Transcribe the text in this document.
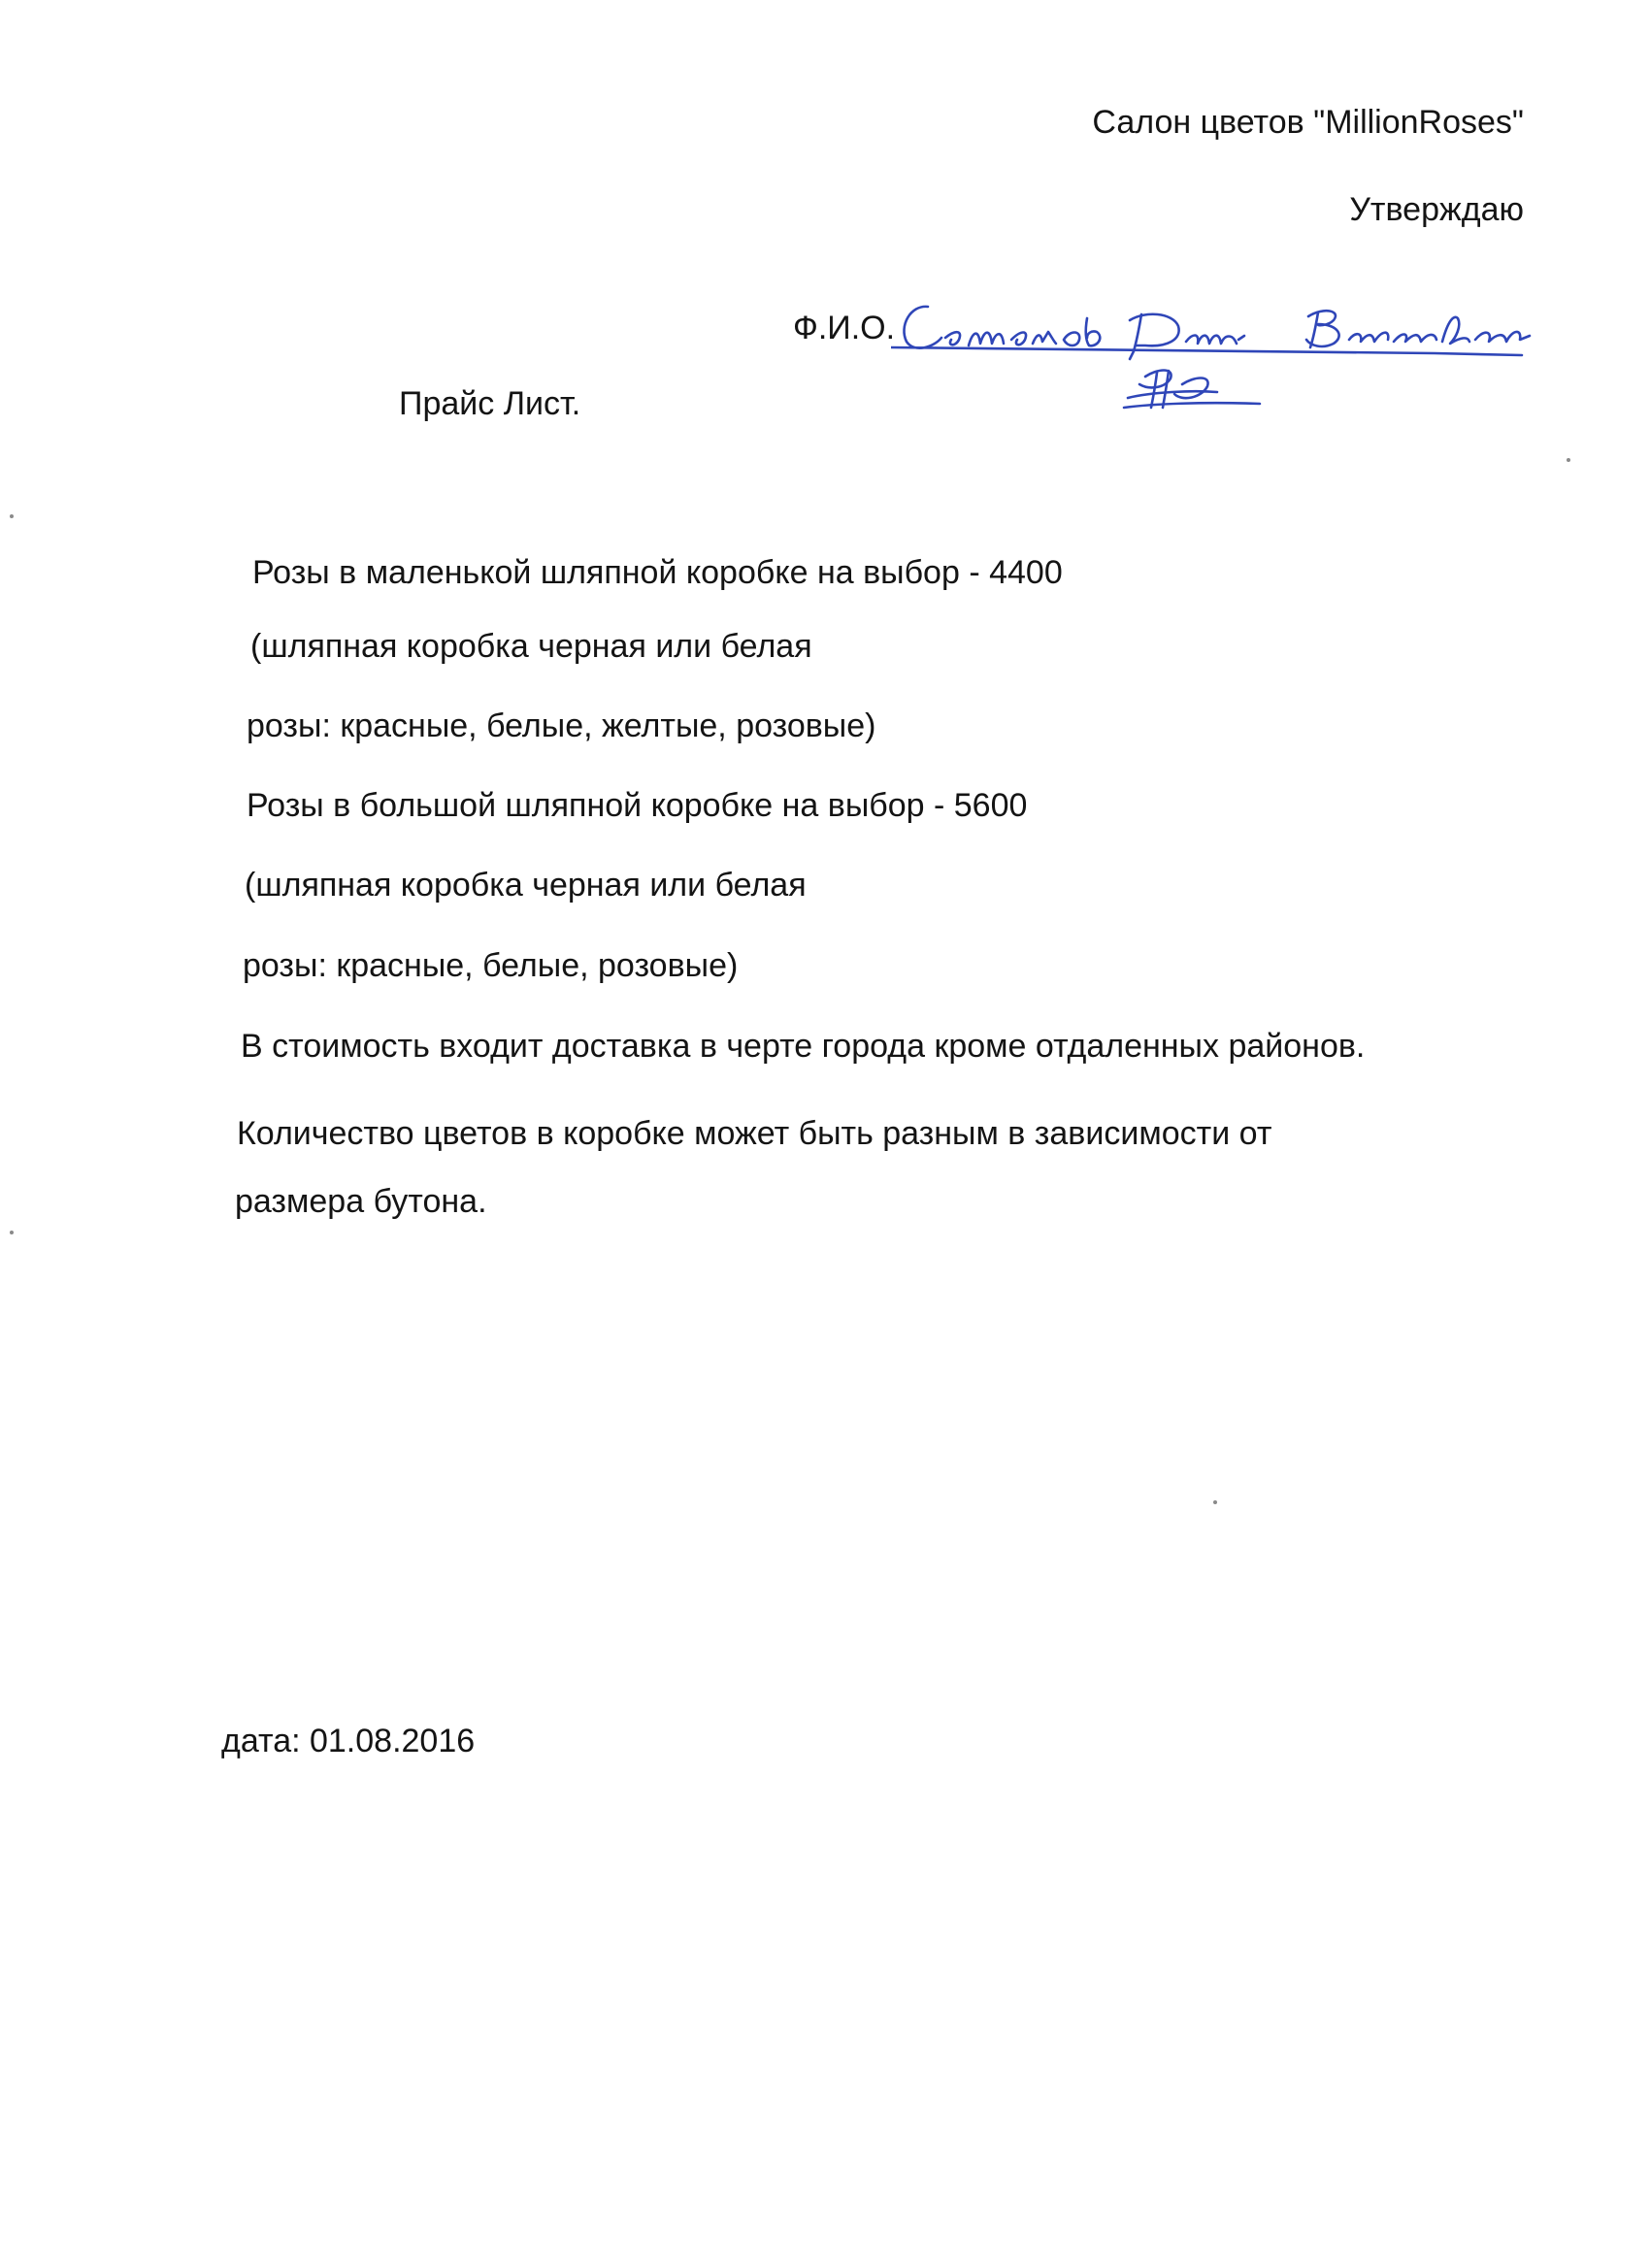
Салон цветов "MillionRoses"
Утверждаю
Ф.И.О.
Прайс Лист.
Розы в маленькой шляпной коробке на выбор - 4400
(шляпная коробка черная или белая
розы: красные, белые, желтые, розовые)
Розы в большой шляпной коробке на выбор - 5600
(шляпная коробка черная или белая
розы: красные, белые, розовые)
В стоимость входит доставка в черте города кроме отдаленных районов.
Количество цветов в коробке может быть разным в зависимости от
размера бутона.
дата: 01.08.2016
